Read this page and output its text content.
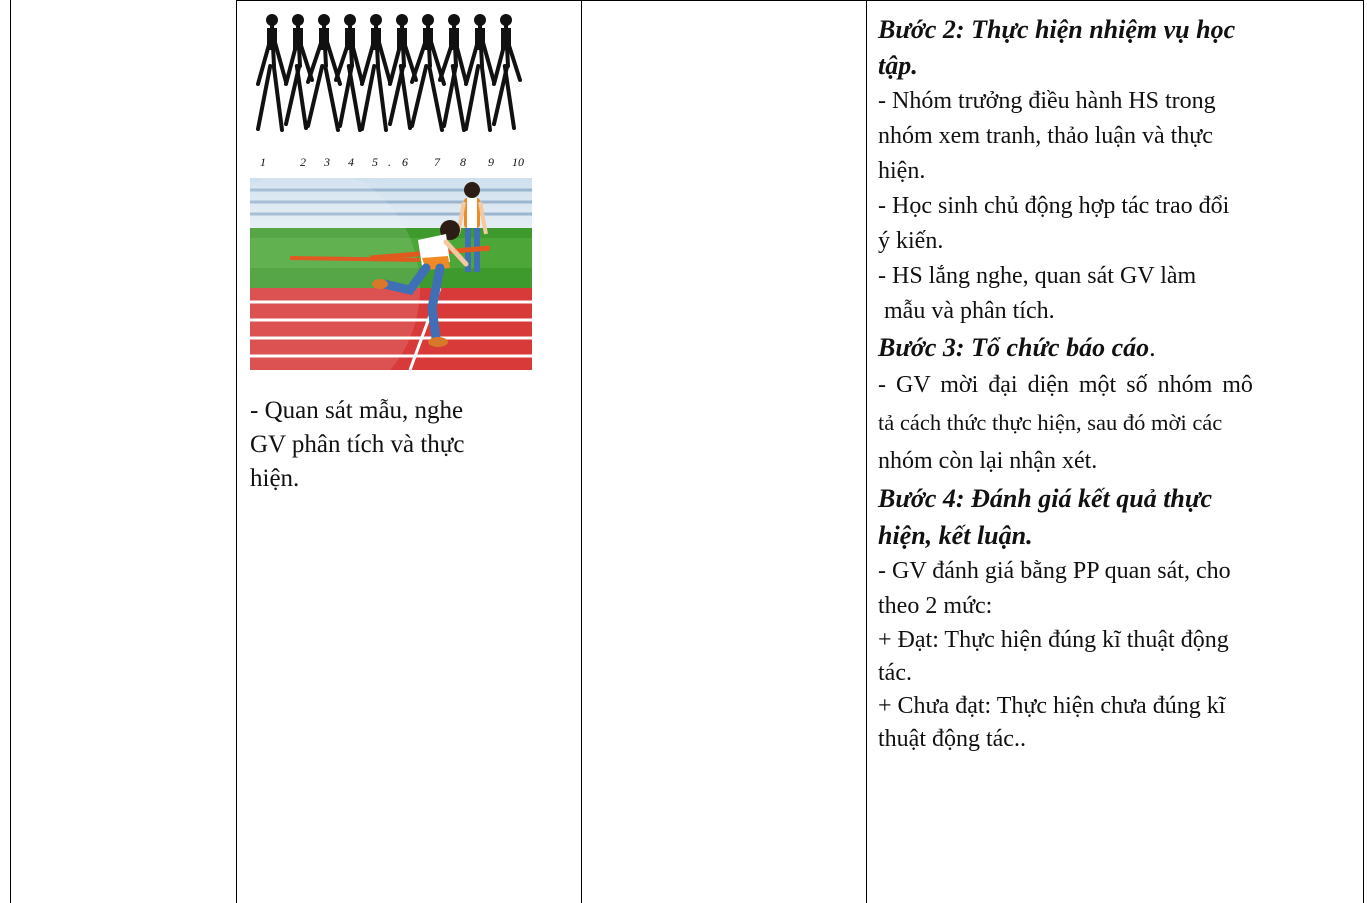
1	2 3 4 5 . 6 7 8 9 10
- Quan sát mẫu, nghe
GV phân tích và thực
hiện.
Bước 2: Thực hiện nhiệm vụ học
tập.
- Nhóm trưởng điều hành HS trong
nhóm xem tranh, thảo luận và thực
hiện.
- Học sinh chủ động hợp tác trao đổi
ý kiến.
- HS lắng nghe, quan sát GV làm
mẫu và phân tích.
Bước 3: Tổ chức báo cáo.
- GV mời đại diện một số nhóm mô
tả cách thức thực hiện, sau đó mời các
nhóm còn lại nhận xét.
Bước 4: Đánh giá kết quả thực
hiện, kết luận.
- GV đánh giá bằng PP quan sát, cho
theo 2 mức:
+ Đạt: Thực hiện đúng kĩ thuật động
tác.
+ Chưa đạt: Thực hiện chưa đúng kĩ
thuật động tác..
